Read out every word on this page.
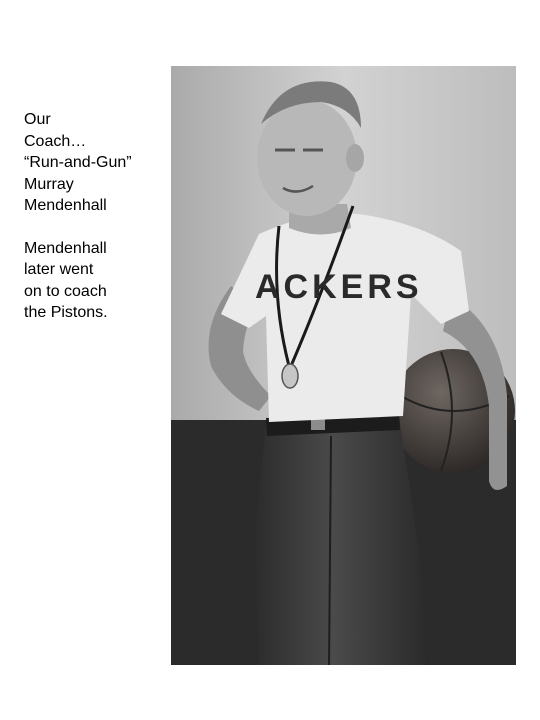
Our
Coach…
“Run-and-Gun”
Murray
Mendenhall
Mendenhall
later went
on to coach
the Pistons.
ACKERS
